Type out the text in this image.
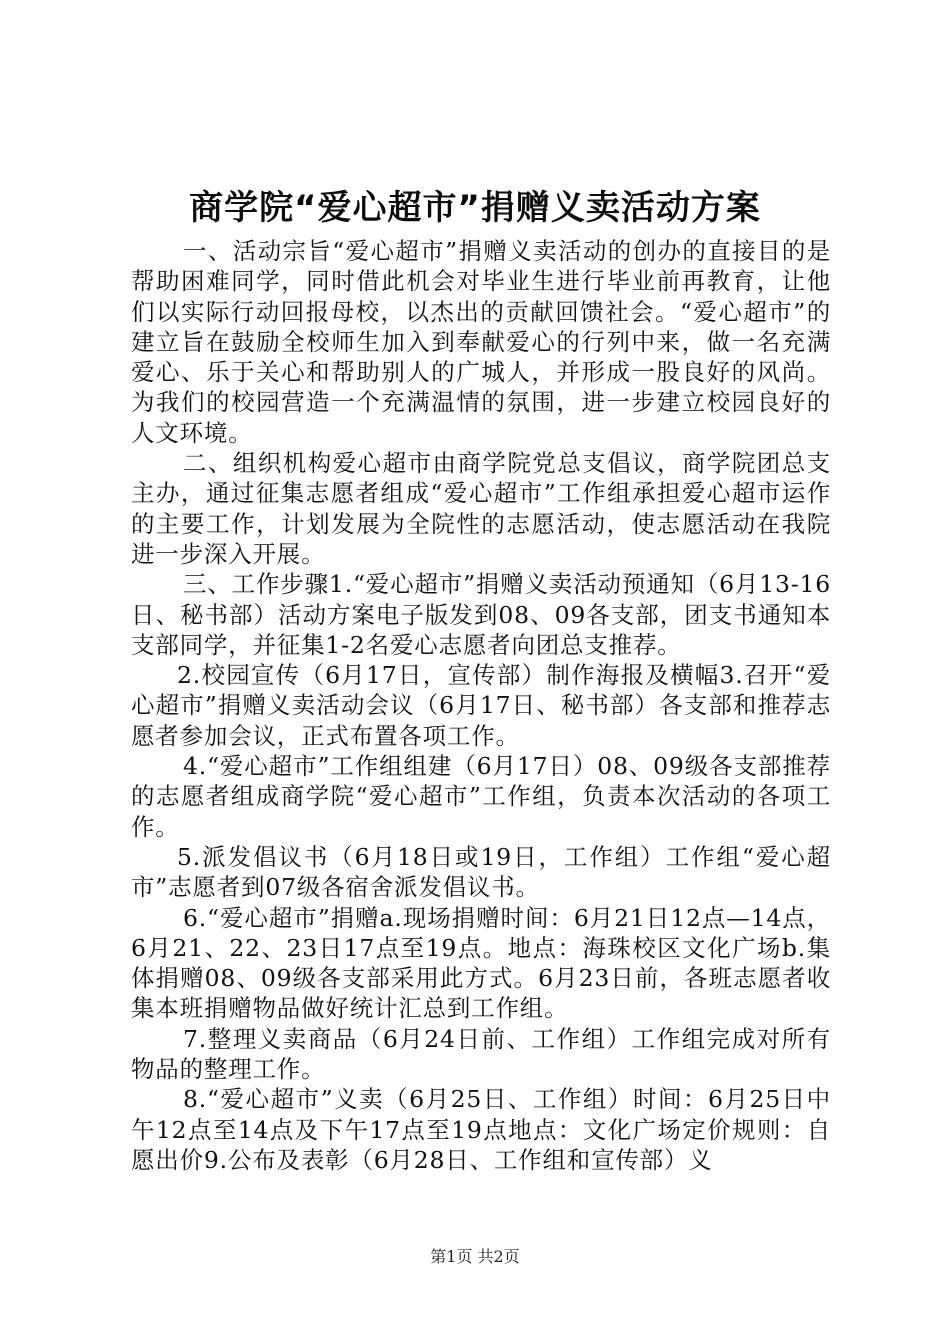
商学院“爱心超市”捐赠义卖活动方案

一、活动宗旨“爱心超市”捐赠义卖活动的创办的直接目的是帮助困难同学，同时借此机会对毕业生进行毕业前再教育，让他们以实际行动回报母校，以杰出的贡献回馈社会。“爱心超市”的建立旨在鼓励全校师生加入到奉献爱心的行列中来，做一名充满爱心、乐于关心和帮助别人的广城人，并形成一股良好的风尚。为我们的校园营造一个充满温情的氛围，进一步建立校园良好的人文环境。

二、组织机构爱心超市由商学院党总支倡议，商学院团总支主办，通过征集志愿者组成“爱心超市”工作组承担爱心超市运作的主要工作，计划发展为全院性的志愿活动，使志愿活动在我院进一步深入开展。

三、工作步骤1.“爱心超市”捐赠义卖活动预通知（6月13-16日、秘书部）活动方案电子版发到08、09各支部，团支书通知本支部同学，并征集1-2名爱心志愿者向团总支推荐。

2.校园宣传（6月17日，宣传部）制作海报及横幅3.召开“爱心超市”捐赠义卖活动会议（6月17日、秘书部）各支部和推荐志愿者参加会议，正式布置各项工作。

4.“爱心超市”工作组组建（6月17日）08、09级各支部推荐的志愿者组成商学院“爱心超市”工作组，负责本次活动的各项工作。

5.派发倡议书（6月18日或19日，工作组）工作组“爱心超市”志愿者到07级各宿舍派发倡议书。

6.“爱心超市”捐赠a.现场捐赠时间：6月21日12点—14点，6月21、22、23日17点至19点。地点：海珠校区文化广场b.集体捐赠08、09级各支部采用此方式。6月23日前，各班志愿者收集本班捐赠物品做好统计汇总到工作组。

7.整理义卖商品（6月24日前、工作组）工作组完成对所有物品的整理工作。

8.“爱心超市”义卖（6月25日、工作组）时间：6月25日中午12点至14点及下午17点至19点地点：文化广场定价规则：自愿出价9.公布及表彰（6月28日、工作组和宣传部）义

第1页 共2页
